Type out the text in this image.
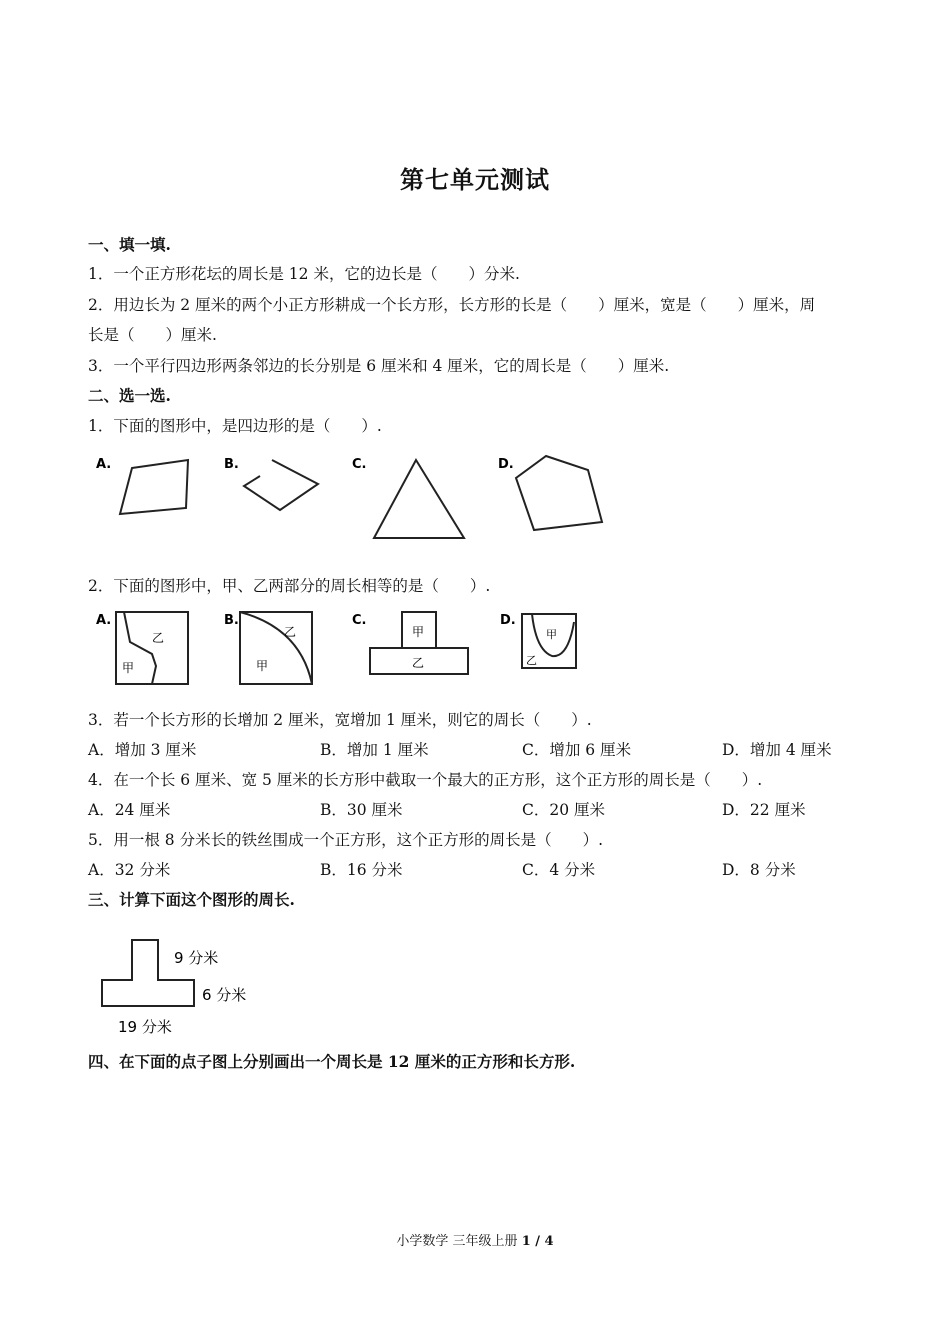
第七单元测试
一、填一填.
1．一个正方形花坛的周长是 12 米，它的边长是（　　）分米.
2．用边长为 2 厘米的两个小正方形耕成一个长方形，长方形的长是（　　）厘米，宽是（　　）厘米，周
长是（　　）厘米.
3．一个平行四边形两条邻边的长分别是 6 厘米和 4 厘米，它的周长是（　　）厘米.
二、选一选.
1．下面的图形中，是四边形的是（　　）.
A.	B.	C.	D.
2．下面的图形中，甲、乙两部分的周长相等的是（　　）.
A.
乙
甲
B.
乙
甲
C.
甲
乙
D.
甲
乙
3．若一个长方形的长增加 2 厘米，宽增加 1 厘米，则它的周长（　　）.
A．增加 3 厘米	B．增加 1 厘米	C．增加 6 厘米	D．增加 4 厘米
4．在一个长 6 厘米、宽 5 厘米的长方形中截取一个最大的正方形，这个正方形的周长是（　　）.
A．24 厘米	B．30 厘米	C．20 厘米	D．22 厘米
5．用一根 8 分米长的铁丝围成一个正方形，这个正方形的周长是（　　）.
A．32 分米	B．16 分米	C．4 分米	D．8 分米
三、计算下面这个图形的周长.
9 分米
6 分米
19 分米
四、在下面的点子图上分别画出一个周长是 12 厘米的正方形和长方形.
小学数学 三年级上册 1 / 4
